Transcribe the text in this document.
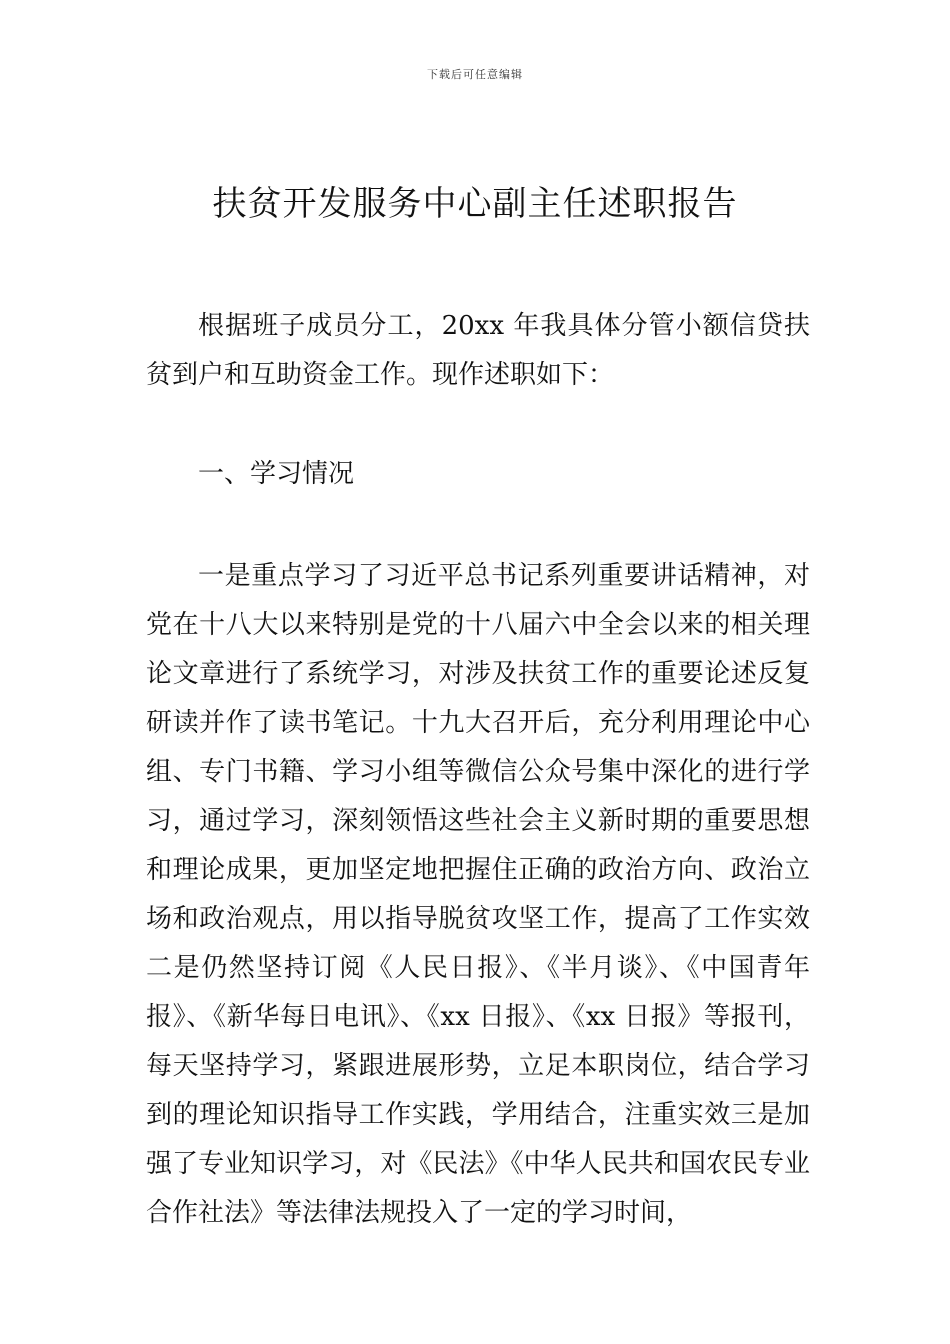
下载后可任意编辑
扶贫开发服务中心副主任述职报告

根据班子成员分工，20xx 年我具体分管小额信贷扶贫到户和互助资金工作。现作述职如下：

一、学习情况

一是重点学习了习近平总书记系列重要讲话精神，对党在十八大以来特别是党的十八届六中全会以来的相关理论文章进行了系统学习，对涉及扶贫工作的重要论述反复研读并作了读书笔记。十九大召开后，充分利用理论中心组、专门书籍、学习小组等微信公众号集中深化的进行学习，通过学习，深刻领悟这些社会主义新时期的重要思想和理论成果，更加坚定地把握住正确的政治方向、政治立场和政治观点，用以指导脱贫攻坚工作，提高了工作实效二是仍然坚持订阅《人民日报》、《半月谈》、《中国青年报》、《新华每日电讯》、《xx 日报》、《xx 日报》等报刊，每天坚持学习，紧跟进展形势，立足本职岗位，结合学习到的理论知识指导工作实践，学用结合，注重实效三是加强了专业知识学习，对《民法》《中华人民共和国农民专业合作社法》等法律法规投入了一定的学习时间，
